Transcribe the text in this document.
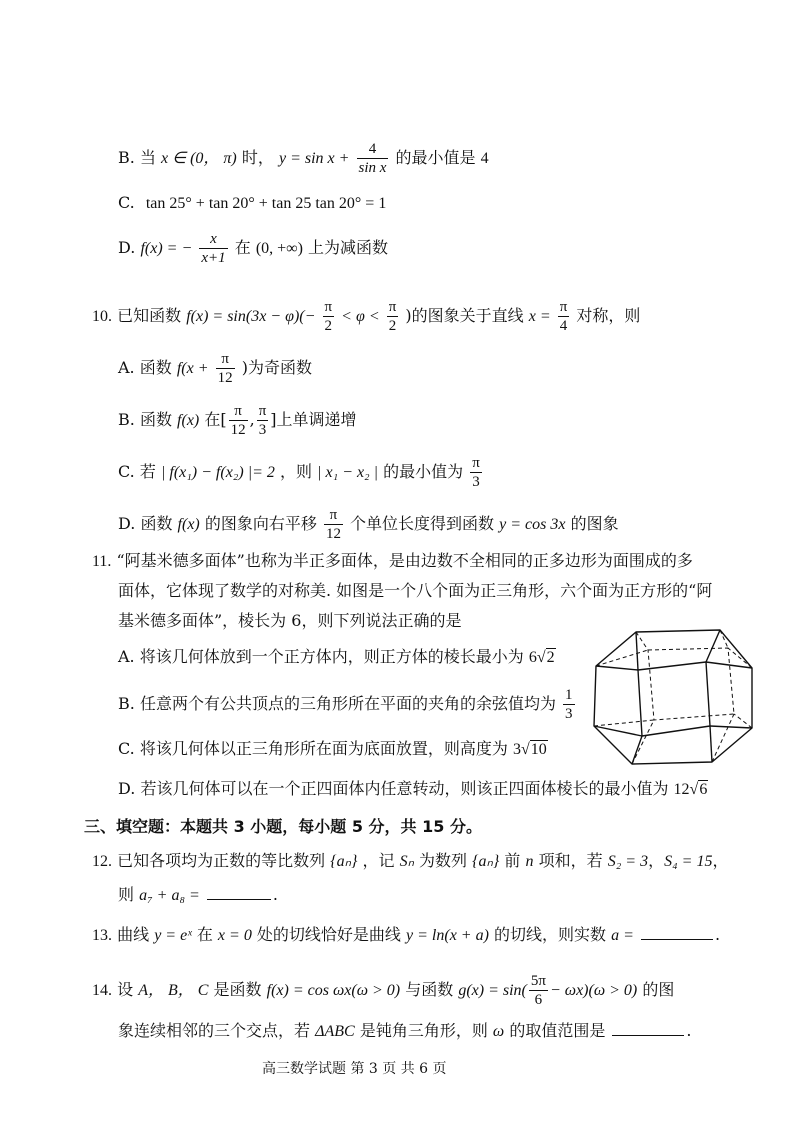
B. 当 x ∈ (0， π) 时， $y = \sin x + \frac{4}{\text{sin x}}$ 的最小值是 4
C. tan 25° + tan 20° + tan 25 tan 20° = 1
D. f(x) = − $\frac{x}{x+1}$ 在 (0, +∞) 上为减函数
10. 已知函数 $f(x) = \sin(3x - \varphi)(- \frac{\pi}{2} < \varphi < \frac{\pi}{2}$ )的图象关于直线 $x = \frac{\pi}{4}$ 对称，则
A. 函数 $f(x + \frac{\pi}{12}$ )为奇函数
B. 函数 f(x) 在[ $\frac{\pi}{12}$ , $\frac{\pi}{3}$ ]上单调递增
C. 若 | f(x₁) − f(x₂) |= 2 ，则 | x₁ − x₂ | 的最小值为 $\frac{\pi}{3}$
D. 函数 f(x) 的图象向右平移 $\frac{\pi}{12}$ 个单位长度得到函数 y = cos 3x 的图象
11. “阿基米德多面体”也称为半正多面体，是由边数不全相同的正多边形为面围成的多
面体，它体现了数学的对称美. 如图是一个八个面为正三角形，六个面为正方形的“阿
基米德多面体”，棱长为 6，则下列说法正确的是
A. 将该几何体放到一个正方体内，则正方体的棱长最小为 6√2
B. 任意两个有公共顶点的三角形所在平面的夹角的余弦值均为 $\frac{1}{3}$
C. 将该几何体以正三角形所在面为底面放置，则高度为 3√10
D. 若该几何体可以在一个正四面体内任意转动，则该正四面体棱长的最小值为 12√6
三、填空题：本题共 3 小题，每小题 5 分，共 15 分。
12. 已知各项均为正数的等比数列 {aₙ} ，记 Sₙ 为数列 {aₙ} 前 n 项和，若 S₂ = 3，S₄ = 15，
则 a₇ + a₈ =	.
13. 曲线 y = eˣ 在 x = 0 处的切线恰好是曲线 y = ln(x + a) 的切线，则实数 a =	.
14. 设 A， B， C 是函数 f(x) = cos ωx(ω > 0) 与函数 $g(x) = \sin( \frac{5\pi}{6} - \omega x)(\omega > 0)$ 的图
象连续相邻的三个交点，若 ΔABC 是钝角三角形，则 ω 的取值范围是	.
高三数学试题 第 3 页 共 6 页
